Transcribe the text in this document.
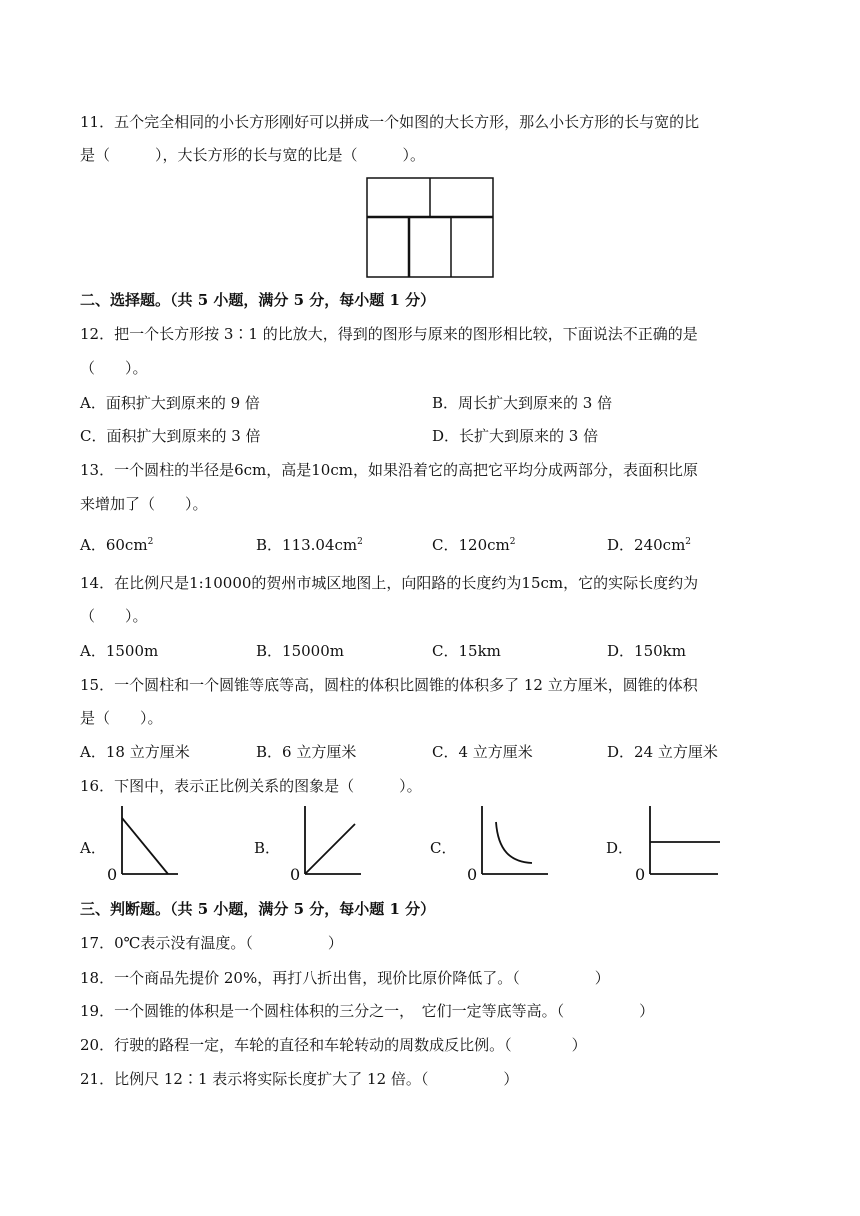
11．五个完全相同的小长方形刚好可以拼成一个如图的大长方形，那么小长方形的长与宽的比
是（　　　），大长方形的长与宽的比是（　　　）。
二、选择题。（共 5 小题，满分 5 分，每小题 1 分）
12．把一个长方形按 3∶1 的比放大，得到的图形与原来的图形相比较，下面说法不正确的是
（　　）。
A．面积扩大到原来的 9 倍	B．周长扩大到原来的 3 倍
C．面积扩大到原来的 3 倍	D．长扩大到原来的 3 倍
13．一个圆柱的半径是6cm，高是10cm，如果沿着它的高把它平均分成两部分，表面积比原
来增加了（　　）。
A．$60cm^2$	B．$113.04cm^2$	C．$120cm^2$	D．$240cm^2$
14．在比例尺是1:10000的贺州市城区地图上，向阳路的长度约为15cm，它的实际长度约为
（　　）。
A．1500m	B．15000m	C．15km	D．150km
15．一个圆柱和一个圆锥等底等高，圆柱的体积比圆锥的体积多了 12 立方厘米，圆锥的体积
是（　　）。
A．18 立方厘米	B．6 立方厘米	C．4 立方厘米	D．24 立方厘米
16．下图中，表示正比例关系的图象是（　　　）。
A．
0
B．
0
C．
0
D．
0
三、判断题。（共 5 小题，满分 5 分，每小题 1 分）
17．0℃表示没有温度。（　　　　　）
18．一个商品先提价 20%，再打八折出售，现价比原价降低了。（　　　　　）
19．一个圆锥的体积是一个圆柱体积的三分之一，　它们一定等底等高。（　　　　　）
20．行驶的路程一定，车轮的直径和车轮转动的周数成反比例。（　　　　）
21．比例尺 12∶1 表示将实际长度扩大了 12 倍。（　　　　　）
